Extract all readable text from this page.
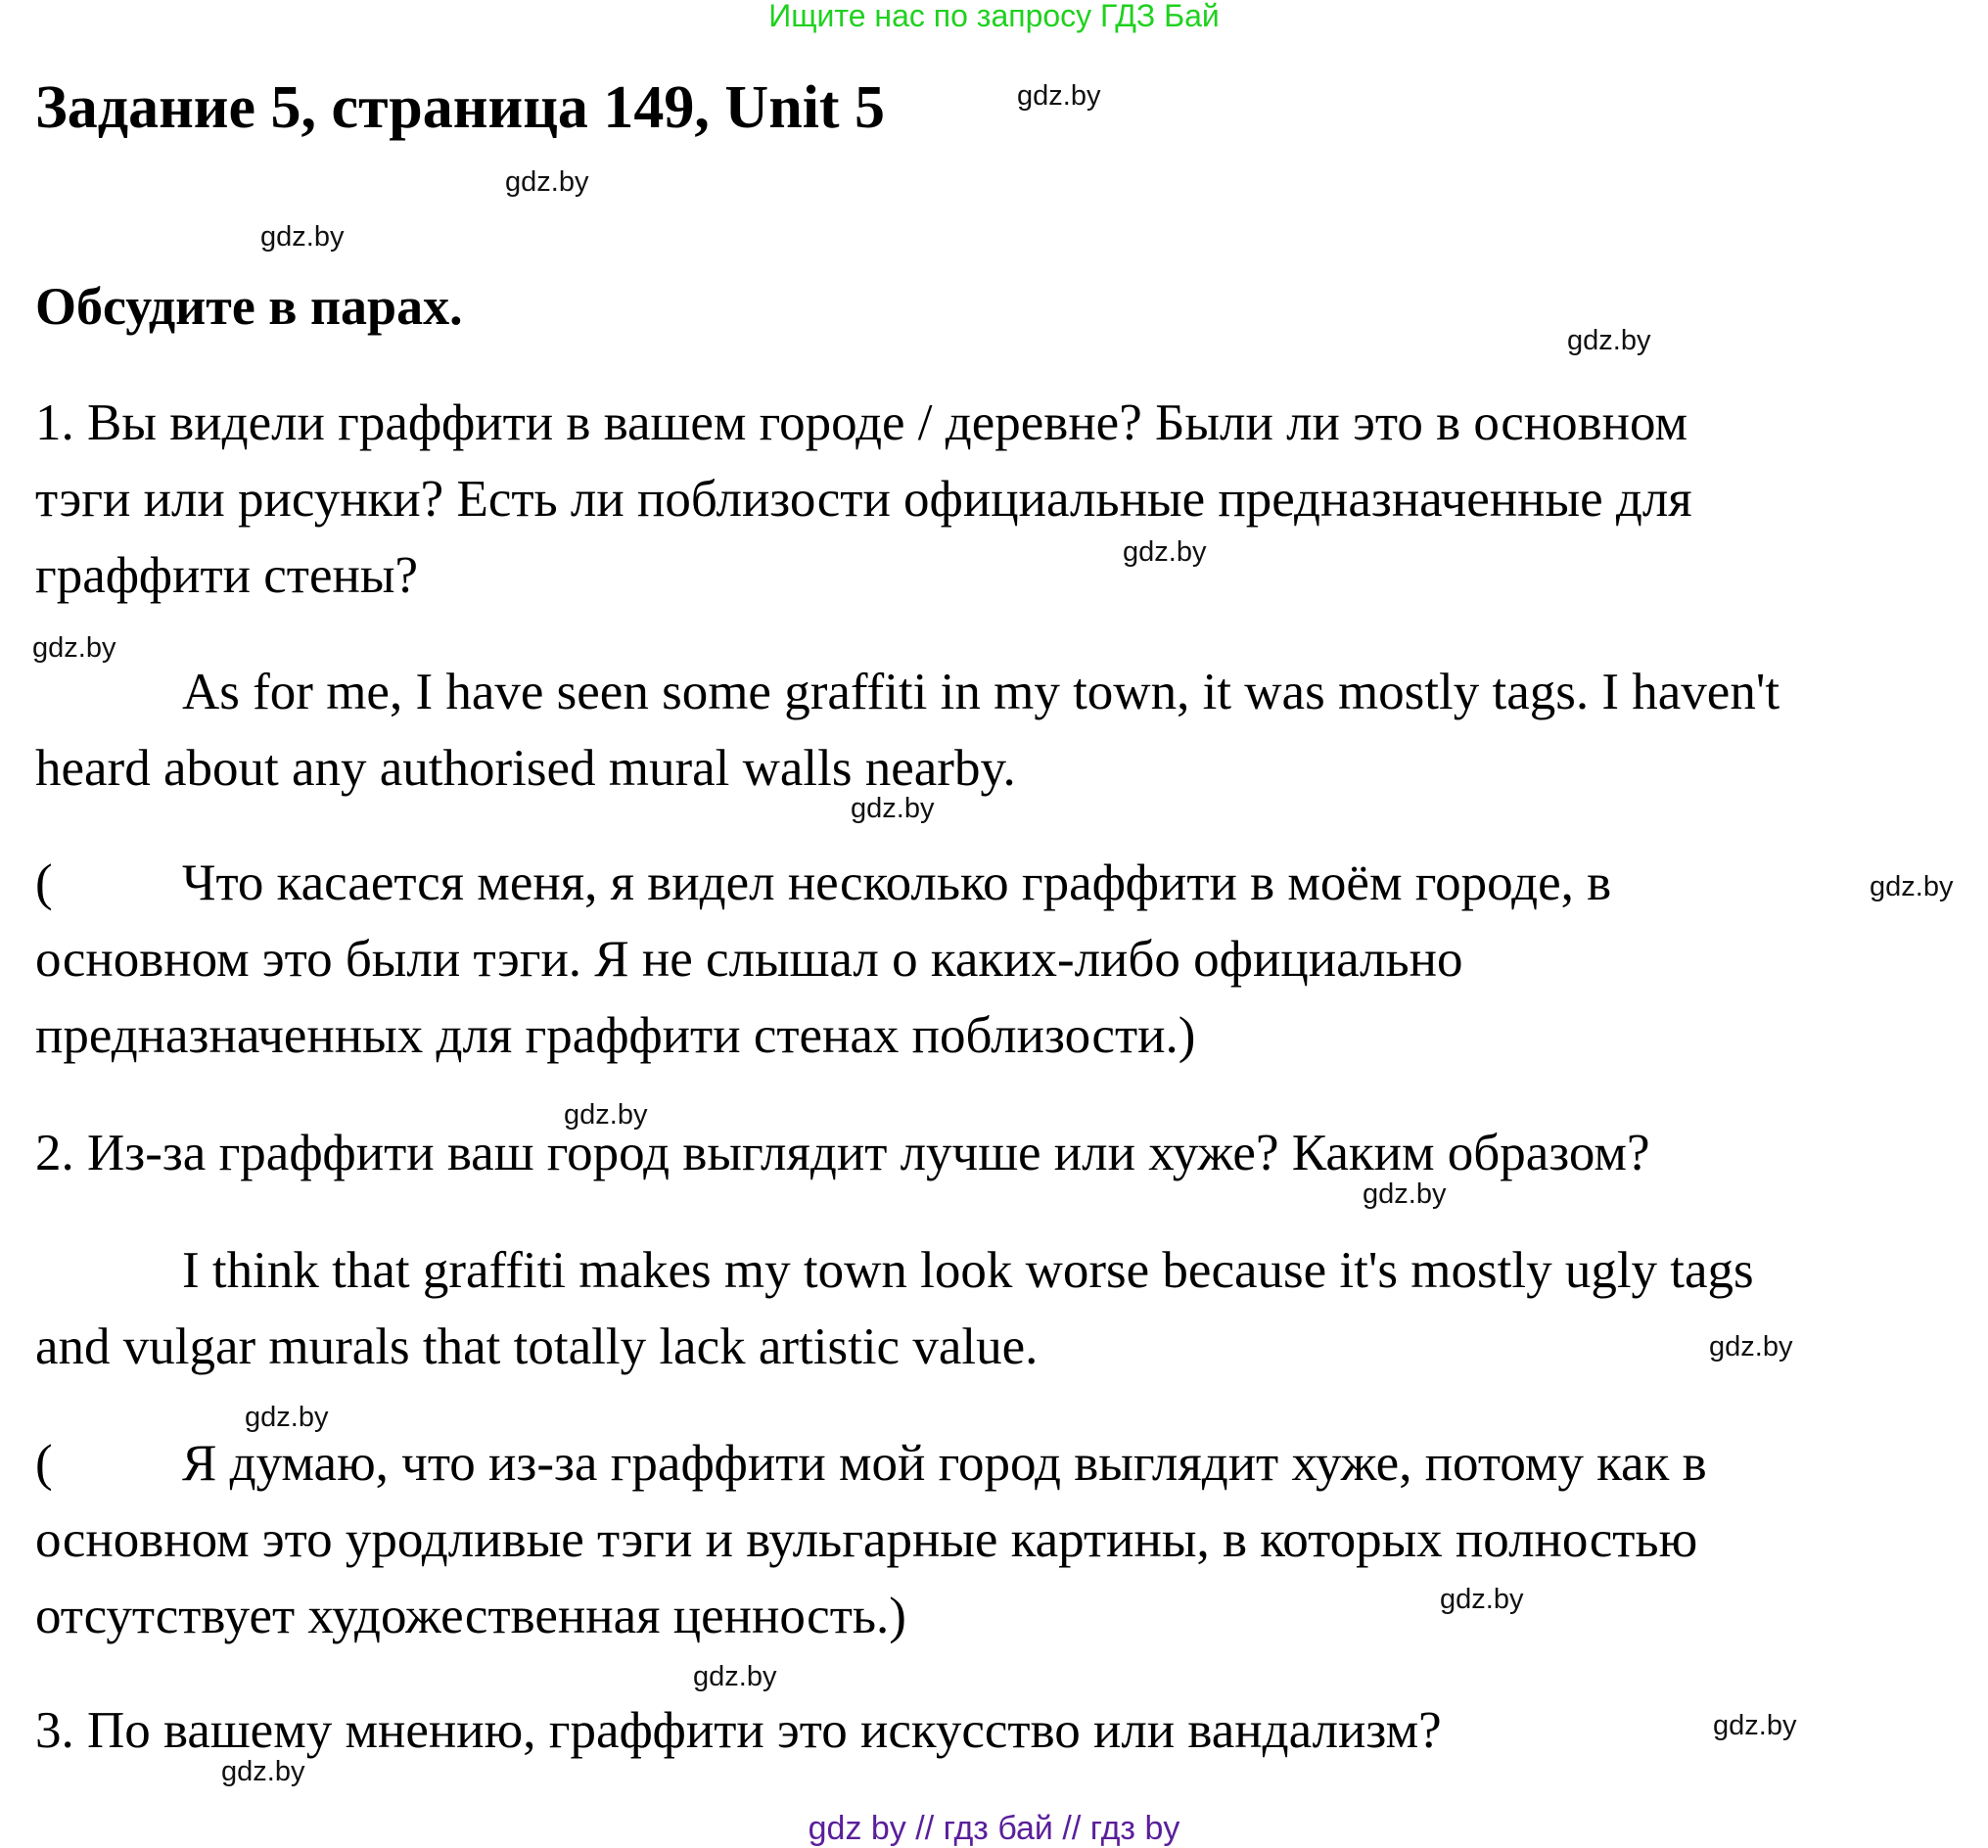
Ищите нас по запросу ГДЗ Бай
Задание 5, страница 149, Unit 5
Обсудите в парах.
1. Вы видели граффити в вашем городе / деревне? Были ли это в основном
тэги или рисунки? Есть ли поблизости официальные предназначенные для
граффити стены?
As for me, I have seen some graffiti in my town, it was mostly tags. I haven't
heard about any authorised mural walls nearby.
( Что касается меня, я видел несколько граффити в моём городе, в
основном это были тэги. Я не слышал о каких-либо официально
предназначенных для граффити стенах поблизости.)
2. Из-за граффити ваш город выглядит лучше или хуже? Каким образом?
I think that graffiti makes my town look worse because it's mostly ugly tags
and vulgar murals that totally lack artistic value.
( Я думаю, что из-за граффити мой город выглядит хуже, потому как в
основном это уродливые тэги и вульгарные картины, в которых полностью
отсутствует художественная ценность.)
3. По вашему мнению, граффити это искусство или вандализм?
gdz.by
gdz.by
gdz.by
gdz.by
gdz.by
gdz.by
gdz.by
gdz.by
gdz.by
gdz.by
gdz.by
gdz.by
gdz.by
gdz.by
gdz.by
gdz.by
gdz by // гдз бай // гдз by
